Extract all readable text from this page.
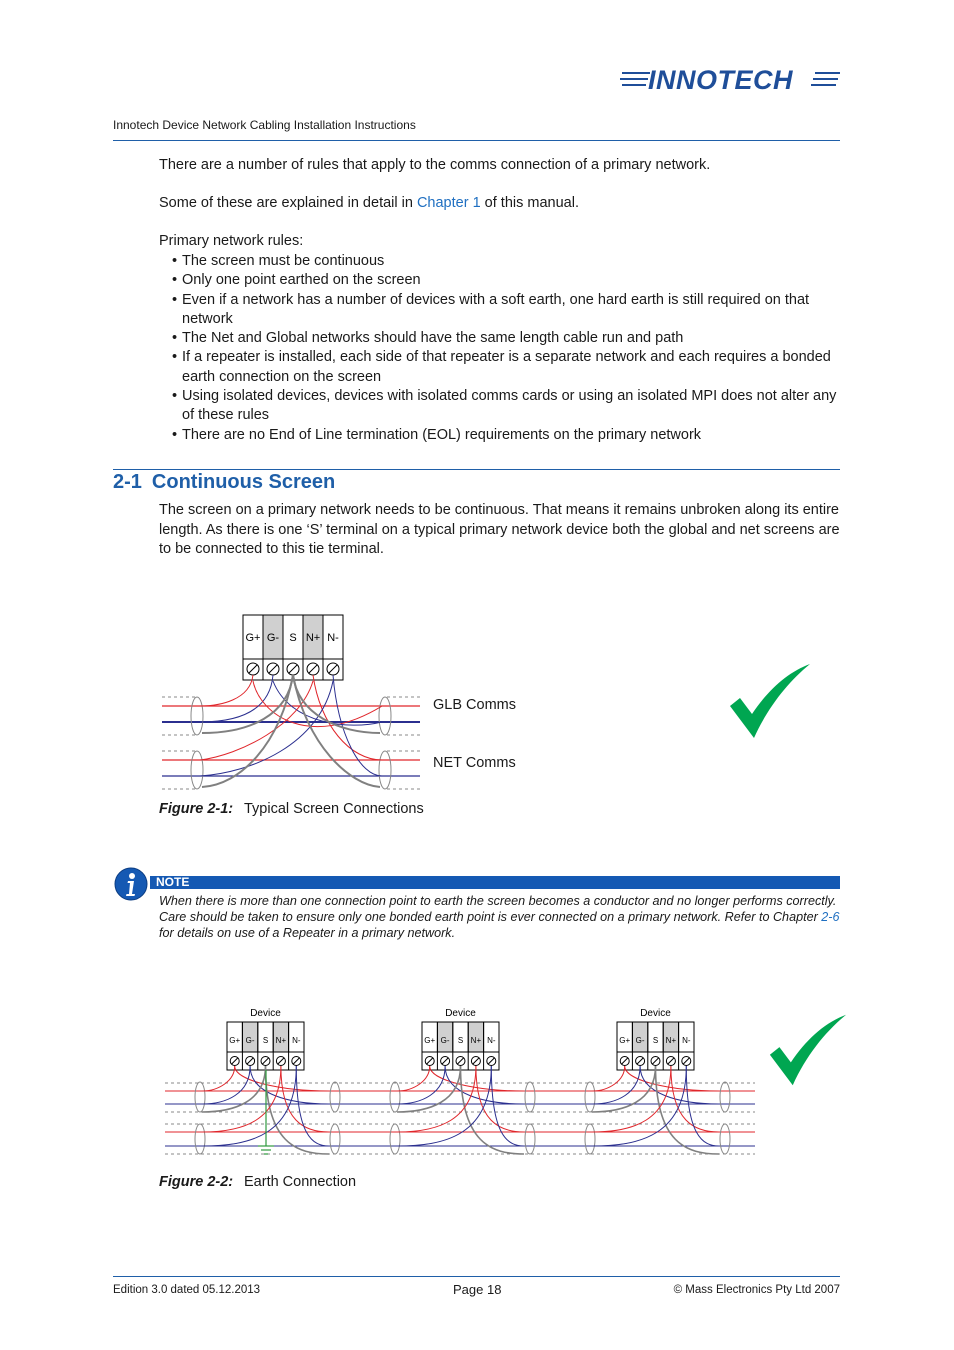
INNOTECH
Innotech Device Network Cabling Installation Instructions
There are a number of rules that apply to the comms connection of a primary network.
Some of these are explained in detail in Chapter 1 of this manual.
Primary network rules:
• The screen must be continuous
• Only one point earthed on the screen
• Even if a network has a number of devices with a soft earth, one hard earth is still required on that network
• The Net and Global networks should have the same length cable run and path
• If a repeater is installed, each side of that repeater is a separate network and each requires a bonded earth connection on the screen
• Using isolated devices, devices with isolated comms cards or using an isolated MPI does not alter any of these rules
• There are no End of Line termination (EOL) requirements on the primary network
2-1 Continuous Screen
The screen on a primary network needs to be continuous. That means it remains unbroken along its entire length. As there is one ‘S’ terminal on a typical primary network device both the global and net screens are to be connected to this tie terminal.
G+ G- S N+ N-
GLB Comms
NET Comms
Figure 2-1: Typical Screen Connections
NOTE
When there is more than one connection point to earth the screen becomes a conductor and no longer performs correctly. Care should be taken to ensure only one bonded earth point is ever connected on a primary network. Refer to Chapter 2-6 for details on use of a Repeater in a primary network.
Device
G+ G- S N+ N-
Device
G+ G- S N+ N-
Device
G+ G- S N+ N-
Figure 2-2: Earth Connection
Edition 3.0 dated 05.12.2013	Page 18	© Mass Electronics Pty Ltd 2007
